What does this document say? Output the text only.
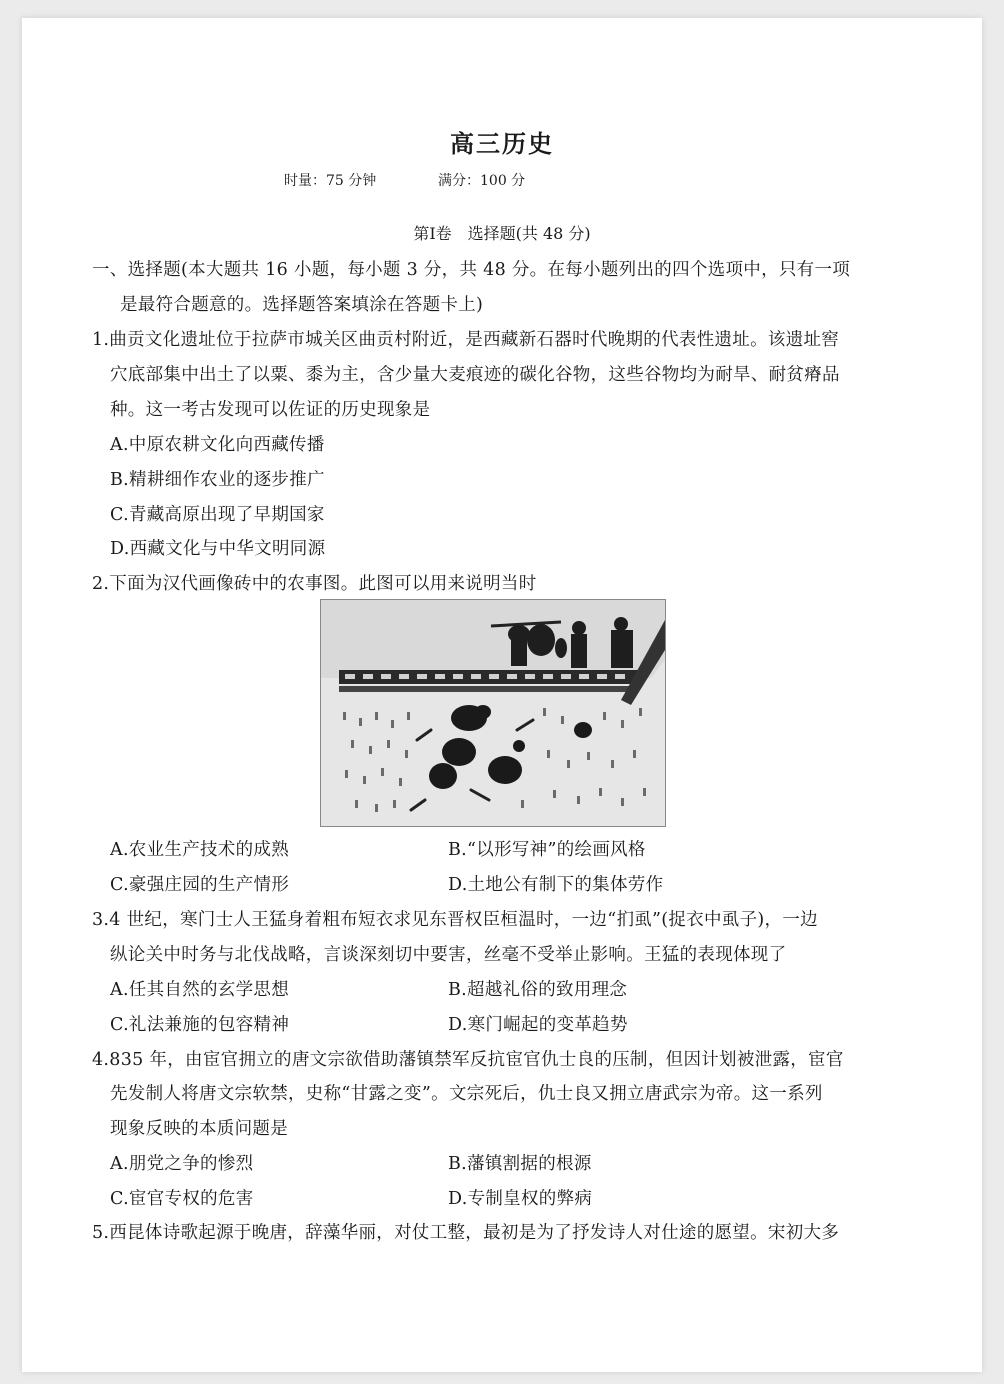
高三历史
时量：75 分钟	满分：100 分
第Ⅰ卷　选择题(共 48 分)
一、选择题(本大题共 16 小题，每小题 3 分，共 48 分。在每小题列出的四个选项中，只有一项
是最符合题意的。选择题答案填涂在答题卡上)
1.曲贡文化遗址位于拉萨市城关区曲贡村附近，是西藏新石器时代晚期的代表性遗址。该遗址窖
穴底部集中出土了以粟、黍为主，含少量大麦痕迹的碳化谷物，这些谷物均为耐旱、耐贫瘠品
种。这一考古发现可以佐证的历史现象是
A.中原农耕文化向西藏传播
B.精耕细作农业的逐步推广
C.青藏高原出现了早期国家
D.西藏文化与中华文明同源
2.下面为汉代画像砖中的农事图。此图可以用来说明当时
A.农业生产技术的成熟	B.“以形写神”的绘画风格
C.豪强庄园的生产情形	D.土地公有制下的集体劳作
3.4 世纪，寒门士人王猛身着粗布短衣求见东晋权臣桓温时，一边“扪虱”(捉衣中虱子)，一边
纵论关中时务与北伐战略，言谈深刻切中要害，丝毫不受举止影响。王猛的表现体现了
A.任其自然的玄学思想	B.超越礼俗的致用理念
C.礼法兼施的包容精神	D.寒门崛起的变革趋势
4.835 年，由宦官拥立的唐文宗欲借助藩镇禁军反抗宦官仇士良的压制，但因计划被泄露，宦官
先发制人将唐文宗软禁，史称“甘露之变”。文宗死后，仇士良又拥立唐武宗为帝。这一系列
现象反映的本质问题是
A.朋党之争的惨烈	B.藩镇割据的根源
C.宦官专权的危害	D.专制皇权的弊病
5.西昆体诗歌起源于晚唐，辞藻华丽，对仗工整，最初是为了抒发诗人对仕途的愿望。宋初大多
